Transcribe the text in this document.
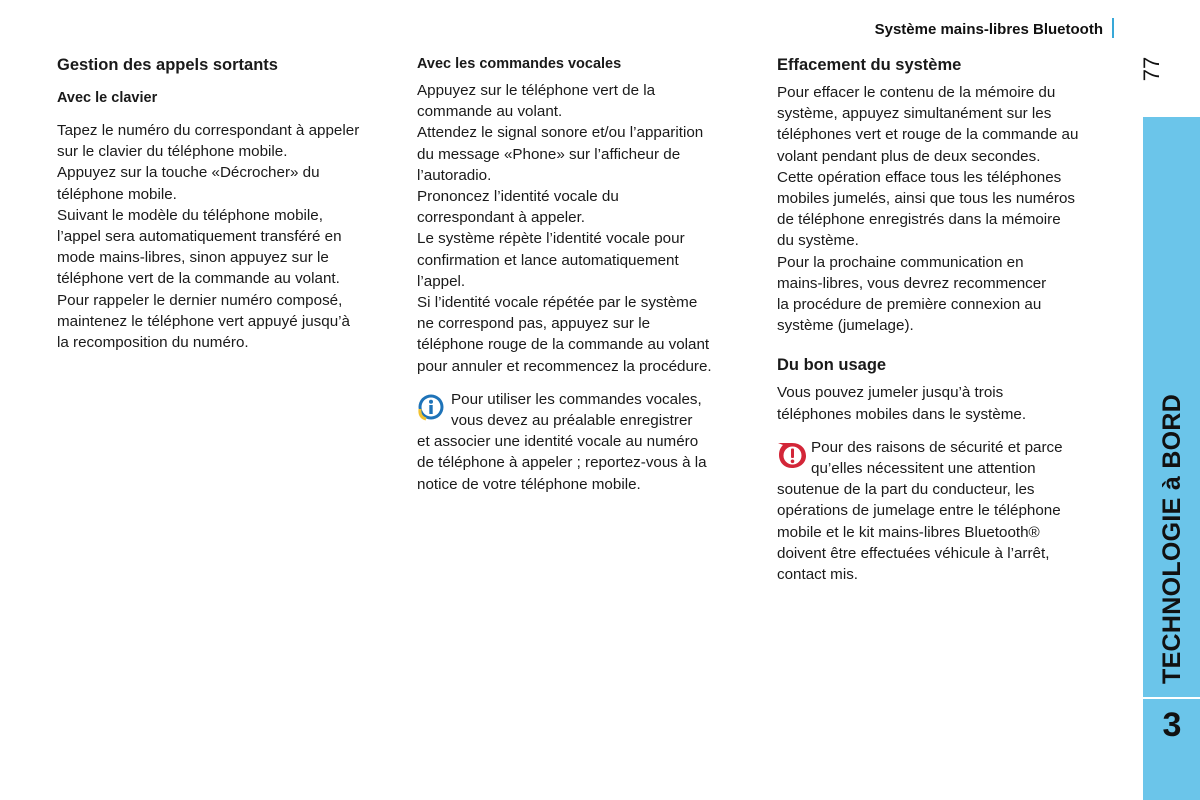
Système mains-libres Bluetooth
77
TECHNOLOGIE à BORD
3
Gestion des appels sortants
Avec le clavier

Tapez le numéro du correspondant à appeler

sur le clavier du téléphone mobile.

Appuyez sur la touche «Décrocher» du

téléphone mobile.

Suivant le modèle du téléphone mobile,

l’appel sera automatiquement transféré en

mode mains-libres, sinon appuyez sur le

téléphone vert de la commande au volant.

Pour rappeler le dernier numéro composé,

maintenez le téléphone vert appuyé jusqu’à

la recomposition du numéro.

Avec les commandes vocales

Appuyez sur le téléphone vert de la

commande au volant.

Attendez le signal sonore et/ou l’apparition

du message «Phone» sur l’afficheur de

l’autoradio.

Prononcez l’identité vocale du

correspondant à appeler.

Le système répète l’identité vocale pour

confirmation et lance automatiquement

l’appel.

Si l’identité vocale répétée par le système

ne correspond pas, appuyez sur le

téléphone rouge de la commande au volant

pour annuler et recommencez la procédure.

Pour utiliser les commandes vocales,

vous devez au préalable enregistrer

et associer une identité vocale au numéro

de téléphone à appeler ; reportez-vous à la

notice de votre téléphone mobile.

Effacement du système

Pour effacer le contenu de la mémoire du

système, appuyez simultanément sur les

téléphones vert et rouge de la commande au

volant pendant plus de deux secondes.

Cette opération efface tous les téléphones

mobiles jumelés, ainsi que tous les numéros

de téléphone enregistrés dans la mémoire

du système.

Pour la prochaine communication en

mains-libres, vous devrez recommencer

la procédure de première connexion au

système (jumelage).

Du bon usage

Vous pouvez jumeler jusqu’à trois

téléphones mobiles dans le système.

Pour des raisons de sécurité et parce

qu’elles nécessitent une attention

soutenue de la part du conducteur, les

opérations de jumelage entre le téléphone

mobile et le kit mains-libres Bluetooth®

doivent être effectuées véhicule à l’arrêt,

contact mis.
